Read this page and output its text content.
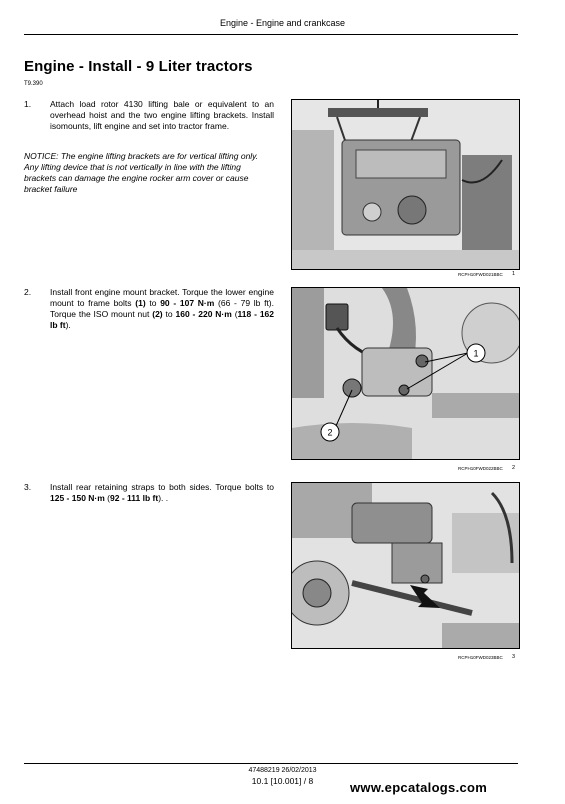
Engine - Engine and crankcase
Engine - Install - 9 Liter tractors
T9.390
1. Attach load rotor 4130 lifting bale or equivalent to an overhead hoist and the two engine lifting brackets. Install isomounts, lift engine and set into tractor frame.
NOTICE: The engine lifting brackets are for vertical lifting only. Any lifting device that is not vertically in line with the lifting brackets can damage the engine rocker arm cover or cause bracket failure
RCPH10FWD021BBC 1
2. Install front engine mount bracket. Torque the lower engine mount to frame bolts (1) to 90 - 107 N·m (66 - 79 lb ft). Torque the ISO mount nut (2) to 160 - 220 N·m (118 - 162 lb ft).
1
2
RCPH10FWD022BBC 2
3. Install rear retaining straps to both sides. Torque bolts to 125 - 150 N·m (92 - 111 lb ft). .
RCPH10FWD023BBC 3
47488219 26/02/2013
10.1 [10.001] / 8	www.epcatalogs.com
